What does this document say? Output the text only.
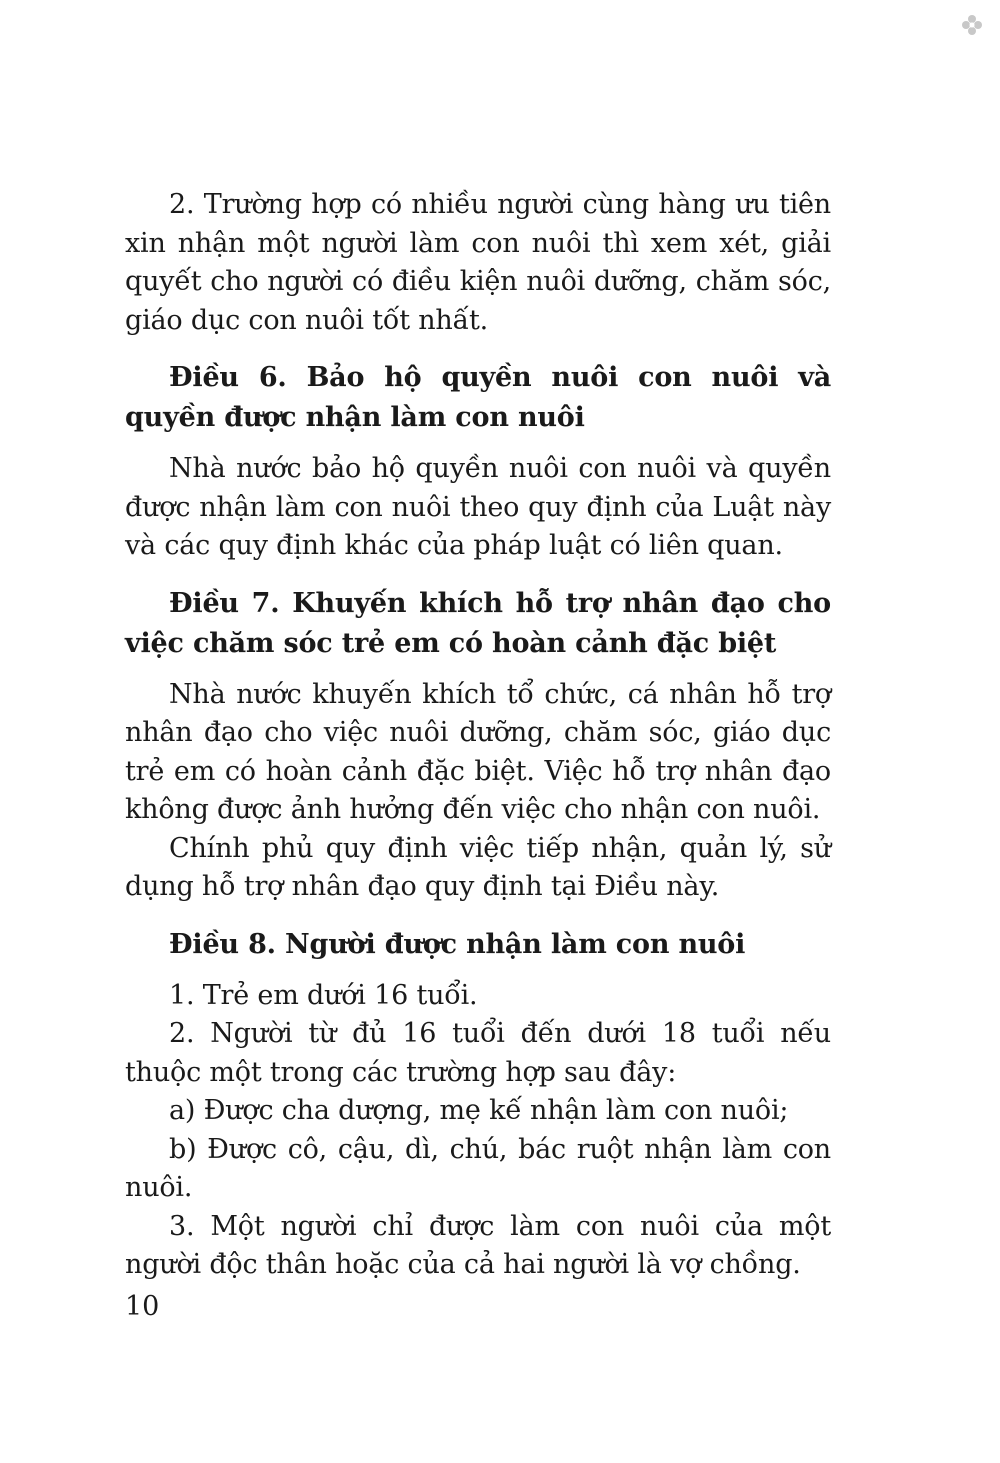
2. Trường hợp có nhiều người cùng hàng ưu tiên xin nhận một người làm con nuôi thì xem xét, giải quyết cho người có điều kiện nuôi dưỡng, chăm sóc, giáo dục con nuôi tốt nhất.

Điều 6. Bảo hộ quyền nuôi con nuôi và quyền được nhận làm con nuôi

Nhà nước bảo hộ quyền nuôi con nuôi và quyền được nhận làm con nuôi theo quy định của Luật này và các quy định khác của pháp luật có liên quan.

Điều 7. Khuyến khích hỗ trợ nhân đạo cho việc chăm sóc trẻ em có hoàn cảnh đặc biệt

Nhà nước khuyến khích tổ chức, cá nhân hỗ trợ nhân đạo cho việc nuôi dưỡng, chăm sóc, giáo dục trẻ em có hoàn cảnh đặc biệt. Việc hỗ trợ nhân đạo không được ảnh hưởng đến việc cho nhận con nuôi.

Chính phủ quy định việc tiếp nhận, quản lý, sử dụng hỗ trợ nhân đạo quy định tại Điều này.

Điều 8. Người được nhận làm con nuôi

1. Trẻ em dưới 16 tuổi.

2. Người từ đủ 16 tuổi đến dưới 18 tuổi nếu thuộc một trong các trường hợp sau đây:

a) Được cha dượng, mẹ kế nhận làm con nuôi;

b) Được cô, cậu, dì, chú, bác ruột nhận làm con nuôi.

3. Một người chỉ được làm con nuôi của một người độc thân hoặc của cả hai người là vợ chồng.

10
